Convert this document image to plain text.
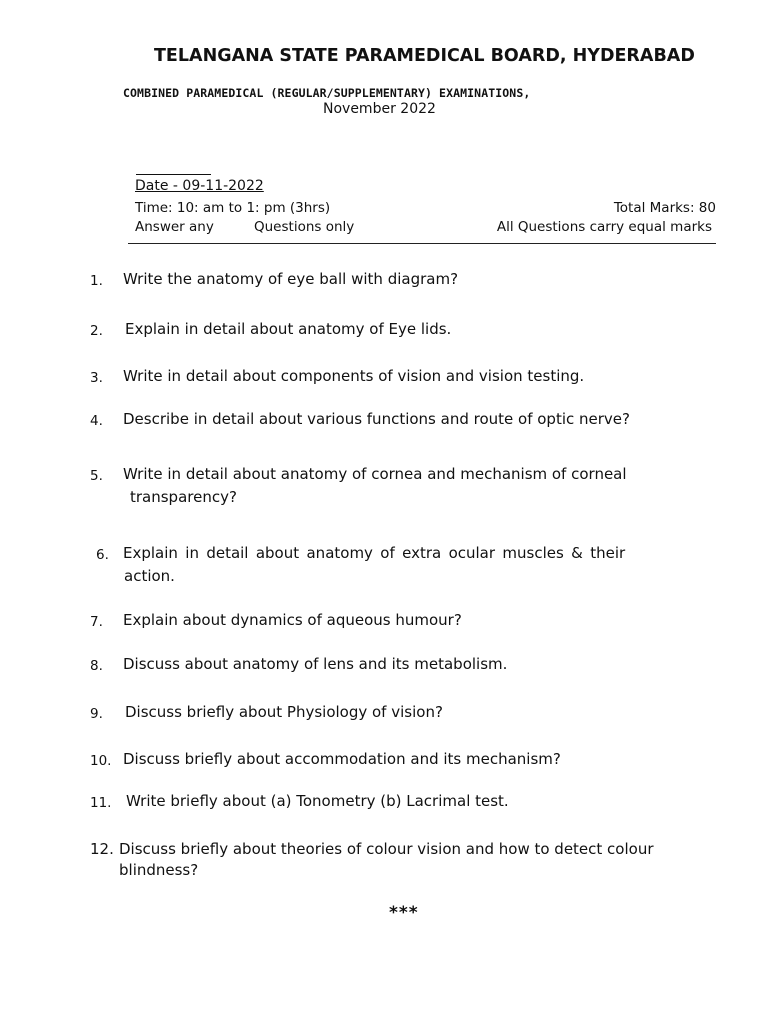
TELANGANA STATE PARAMEDICAL BOARD, HYDERABAD
COMBINED PARAMEDICAL (REGULAR/SUPPLEMENTARY) EXAMINATIONS,
November 2022
Date - 09-11-2022
Time: 10: am to 1: pm (3hrs)	Total Marks: 80
Answer any	Questions only	All Questions carry equal marks
1. Write the anatomy of eye ball with diagram?
2. Explain in detail about anatomy of Eye lids.
3. Write in detail about components of vision and vision testing.
4. Describe in detail about various functions and route of optic nerve?
5. Write in detail about anatomy of cornea and mechanism of corneal
transparency?
6. Explain in detail about anatomy of extra ocular muscles & their
action.
7. Explain about dynamics of aqueous humour?
8. Discuss about anatomy of lens and its metabolism.
9. Discuss briefly about Physiology of vision?
10. Discuss briefly about accommodation and its mechanism?
11. Write briefly about (a) Tonometry (b) Lacrimal test.
12. Discuss briefly about theories of colour vision and how to detect colour
blindness?
***
